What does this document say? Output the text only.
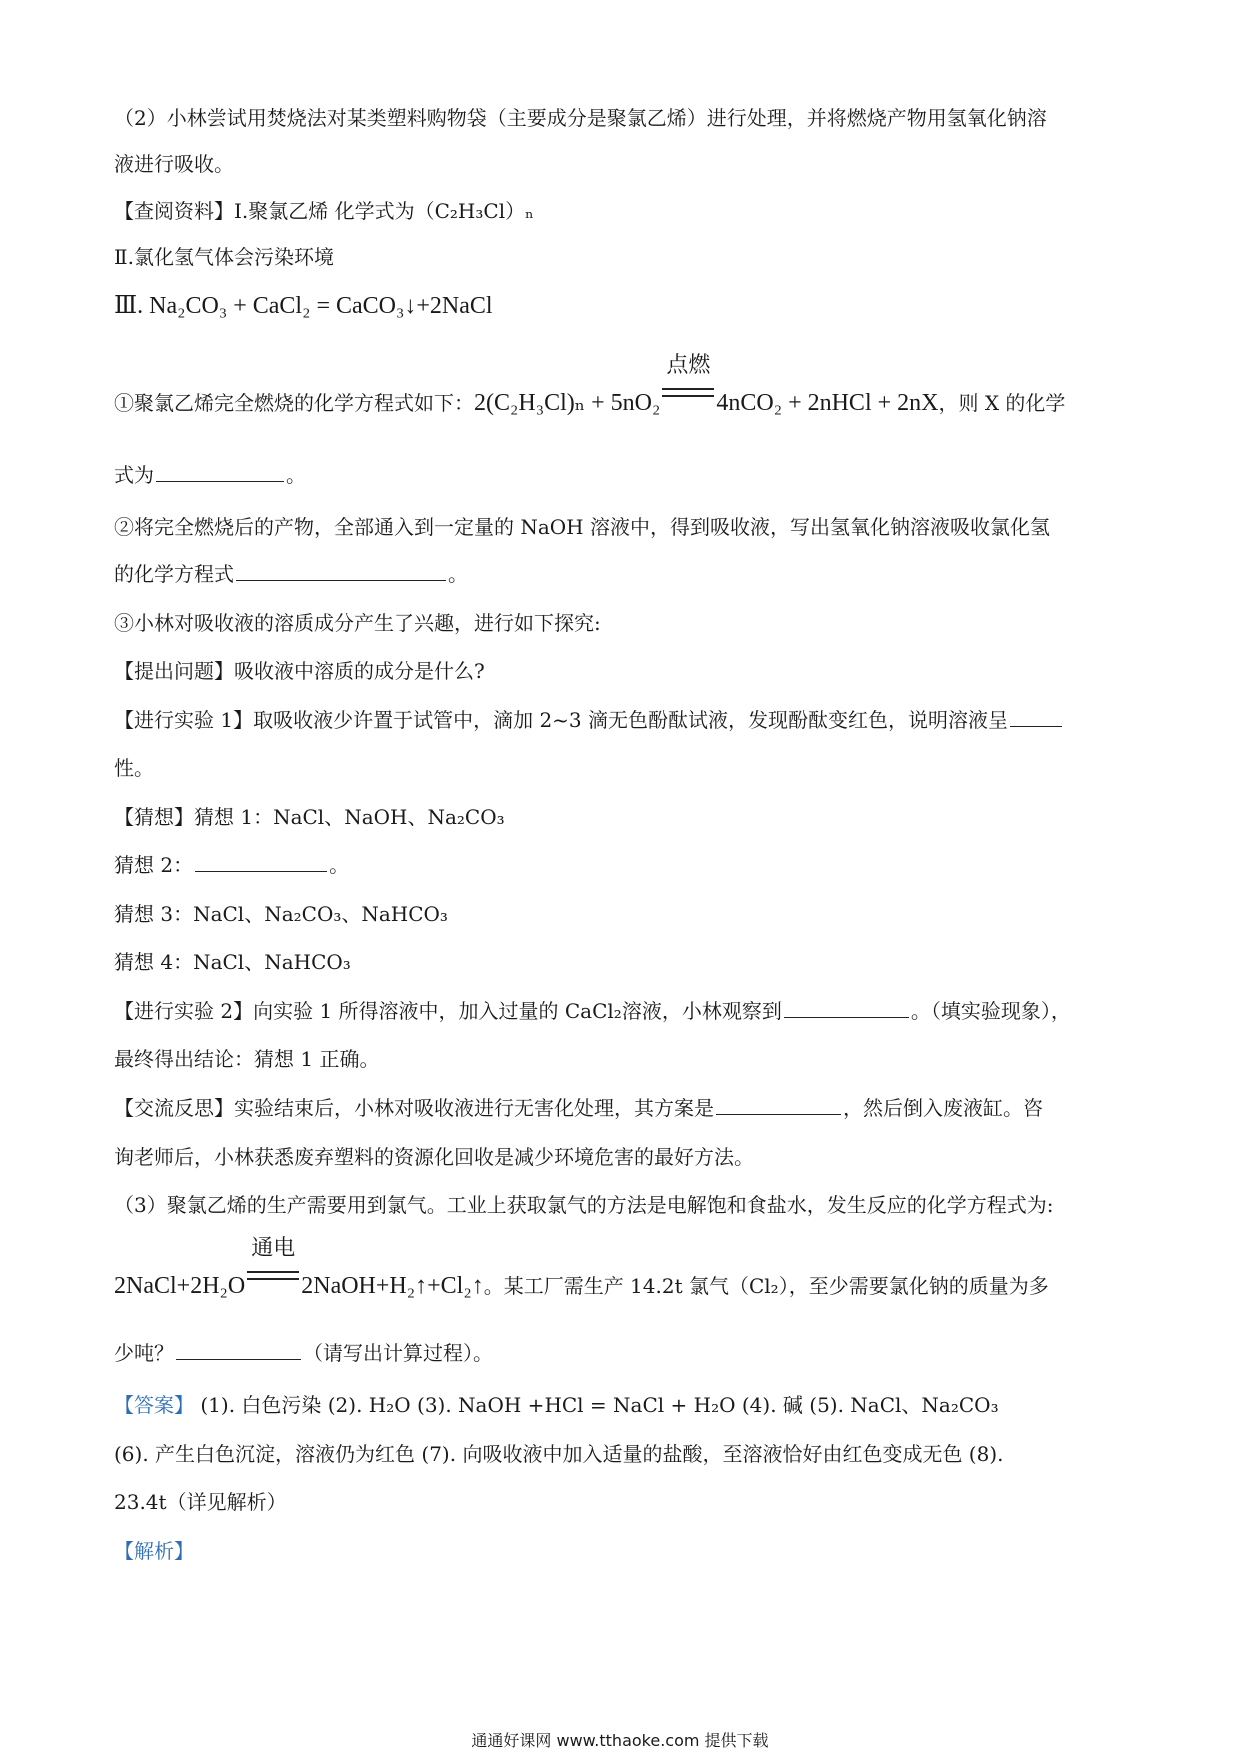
（2）小林尝试用焚烧法对某类塑料购物袋（主要成分是聚氯乙烯）进行处理，并将燃烧产物用氢氧化钠溶
液进行吸收。
【查阅资料】Ⅰ.聚氯乙烯 化学式为（C₂H₃Cl）ₙ
Ⅱ.氯化氢气体会污染环境
Ⅲ. Na₂CO₃ + CaCl₂ = CaCO₃↓+2NaCl
①聚氯乙烯完全燃烧的化学方程式如下：2(C₂H₃Cl)ₙ + 5nO₂
点燃
4nCO₂ + 2nHCl + 2nX，则 X 的化学
式为	。
②将完全燃烧后的产物，全部通入到一定量的 NaOH 溶液中，得到吸收液，写出氢氧化钠溶液吸收氯化氢
的化学方程式	。
③小林对吸收液的溶质成分产生了兴趣，进行如下探究:
【提出问题】吸收液中溶质的成分是什么?
【进行实验 1】取吸收液少许置于试管中，滴加 2~3 滴无色酚酞试液，发现酚酞变红色，说明溶液呈
性。
【猜想】猜想 1：NaCl、NaOH、Na₂CO₃
猜想 2：	。
猜想 3：NaCl、Na₂CO₃、NaHCO₃
猜想 4：NaCl、NaHCO₃
【进行实验 2】向实验 1 所得溶液中，加入过量的 CaCl₂溶液，小林观察到	。（填实验现象），
最终得出结论：猜想 1 正确。
【交流反思】实验结束后，小林对吸收液进行无害化处理，其方案是	，然后倒入废液缸。咨
询老师后，小林获悉废弃塑料的资源化回收是减少环境危害的最好方法。
（3）聚氯乙烯的生产需要用到氯气。工业上获取氯气的方法是电解饱和食盐水，发生反应的化学方程式为:
2NaCl+2H₂O
通电
2NaOH+H₂↑+Cl₂↑。某工厂需生产 14.2t 氯气（Cl₂），至少需要氯化钠的质量为多
少吨？	（请写出计算过程）。
【答案】 (1). 白色污染 (2). H₂O (3). NaOH +HCl = NaCl + H₂O (4). 碱 (5). NaCl、Na₂CO₃
(6). 产生白色沉淀，溶液仍为红色 (7). 向吸收液中加入适量的盐酸，至溶液恰好由红色变成无色 (8).
23.4t（详见解析）
【解析】
通通好课网 www.tthaoke.com 提供下载
